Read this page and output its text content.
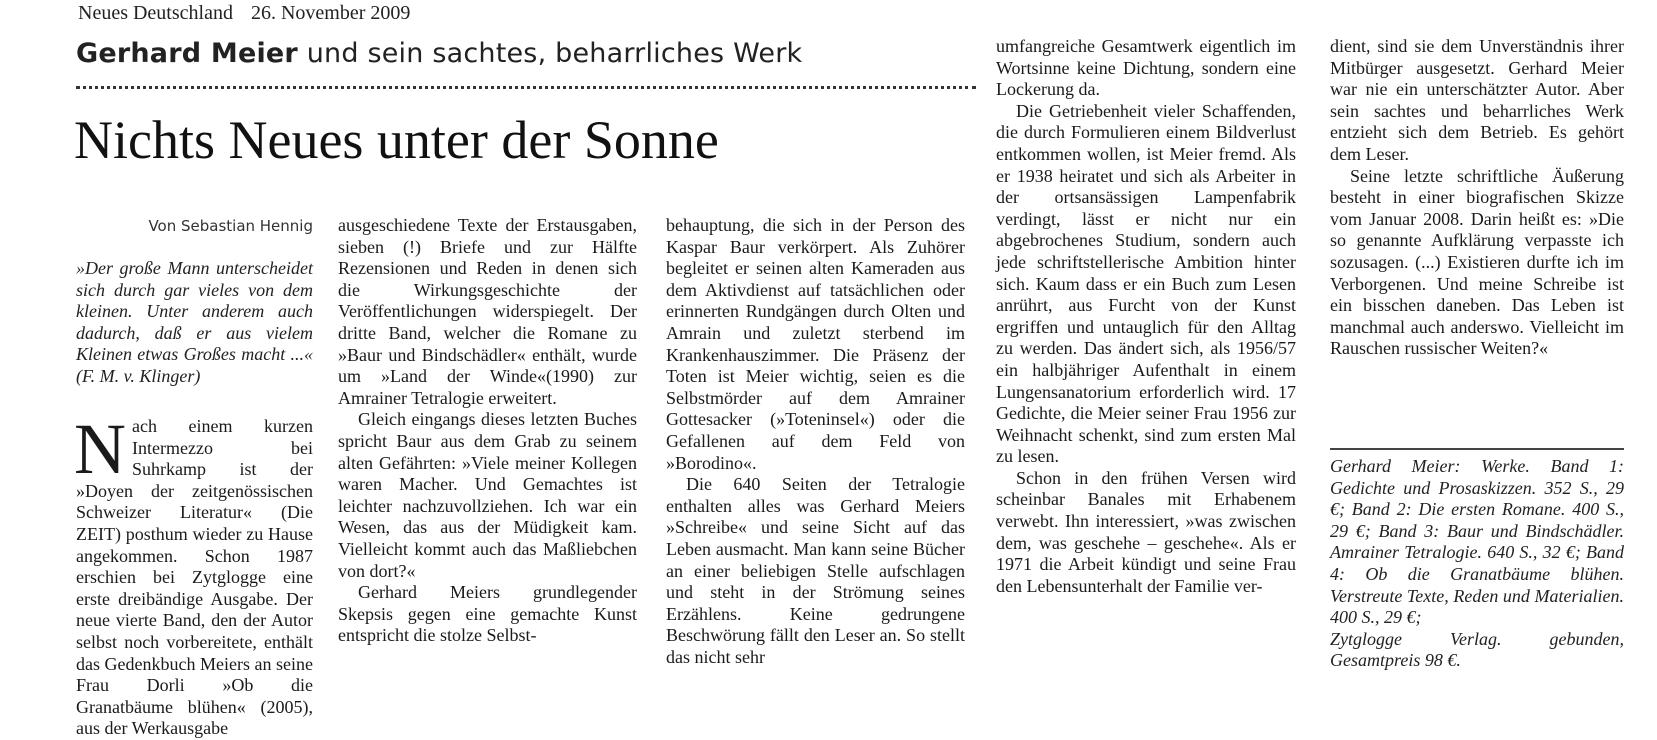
Neues Deutschland 26. November 2009
Gerhard Meier und sein sachtes, beharrliches Werk
Nichts Neues unter der Sonne
Von Sebastian Hennig
»Der große Mann unterscheidet sich durch gar vieles von dem kleinen. Unter anderem auch dadurch, daß er aus vielem Kleinen etwas Großes macht ...« (F. M. v. Klinger)

Nach einem kurzen Intermezzo bei Suhrkamp ist der »Doyen der zeitgenössischen Schweizer Literatur« (Die ZEIT) posthum wieder zu Hause angekommen. Schon 1987 erschien bei Zytglogge eine erste dreibändige Ausgabe. Der neue vierte Band, den der Autor selbst noch vorbereitete, enthält das Gedenkbuch Meiers an seine Frau Dorli »Ob die Granatbäume blühen« (2005), aus der Werkausgabe

ausgeschiedene Texte der Erstausgaben, sieben (!) Briefe und zur Hälfte Rezensionen und Reden in denen sich die Wirkungsgeschichte der Veröffentlichungen widerspiegelt. Der dritte Band, welcher die Romane zu »Baur und Bindschädler« enthält, wurde um »Land der Winde«(1990) zur Amrainer Tetralogie erweitert.

Gleich eingangs dieses letzten Buches spricht Baur aus dem Grab zu seinem alten Gefährten: »Viele meiner Kollegen waren Macher. Und Gemachtes ist leichter nachzuvollziehen. Ich war ein Wesen, das aus der Müdigkeit kam. Vielleicht kommt auch das Maßliebchen von dort?«

Gerhard Meiers grundlegender Skepsis gegen eine gemachte Kunst entspricht die stolze Selbst-

behauptung, die sich in der Person des Kaspar Baur verkörpert. Als Zuhörer begleitet er seinen alten Kameraden aus dem Aktivdienst auf tatsächlichen oder erinnerten Rundgängen durch Olten und Amrain und zuletzt sterbend im Krankenhauszimmer. Die Präsenz der Toten ist Meier wichtig, seien es die Selbstmörder auf dem Amrainer Gottesacker (»Toteninsel«) oder die Gefallenen auf dem Feld von »Borodino«.

Die 640 Seiten der Tetralogie enthalten alles was Gerhard Meiers »Schreibe« und seine Sicht auf das Leben ausmacht. Man kann seine Bücher an einer beliebigen Stelle aufschlagen und steht in der Strömung seines Erzählens. Keine gedrungene Beschwörung fällt den Leser an. So stellt das nicht sehr

umfangreiche Gesamtwerk eigentlich im Wortsinne keine Dichtung, sondern eine Lockerung da.

Die Getriebenheit vieler Schaffenden, die durch Formulieren einem Bildverlust entkommen wollen, ist Meier fremd. Als er 1938 heiratet und sich als Arbeiter in der ortsansässigen Lampenfabrik verdingt, lässt er nicht nur ein abgebrochenes Studium, sondern auch jede schriftstellerische Ambition hinter sich. Kaum dass er ein Buch zum Lesen anrührt, aus Furcht von der Kunst ergriffen und untauglich für den Alltag zu werden. Das ändert sich, als 1956/57 ein halbjähriger Aufenthalt in einem Lungensanatorium erforderlich wird. 17 Gedichte, die Meier seiner Frau 1956 zur Weihnacht schenkt, sind zum ersten Mal zu lesen.

Schon in den frühen Versen wird scheinbar Banales mit Erhabenem verwebt. Ihn interessiert, »was zwischen dem, was geschehe – geschehe«. Als er 1971 die Arbeit kündigt und seine Frau den Lebensunterhalt der Familie ver-

dient, sind sie dem Unverständnis ihrer Mitbürger ausgesetzt. Gerhard Meier war nie ein unterschätzter Autor. Aber sein sachtes und beharrliches Werk entzieht sich dem Betrieb. Es gehört dem Leser.

Seine letzte schriftliche Äußerung besteht in einer biografischen Skizze vom Januar 2008. Darin heißt es: »Die so genannte Aufklärung verpasste ich sozusagen. (...) Existieren durfte ich im Verborgenen. Und meine Schreibe ist ein bisschen daneben. Das Leben ist manchmal auch anderswo. Vielleicht im Rauschen russischer Weiten?«

Gerhard Meier: Werke. Band 1: Gedichte und Prosaskizzen. 352 S., 29 €; Band 2: Die ersten Romane. 400 S., 29 €; Band 3: Baur und Bindschädler. Amrainer Tetralogie. 640 S., 32 €; Band 4: Ob die Granatbäume blühen. Verstreute Texte, Reden und Materialien. 400 S., 29 €;

Zytglogge Verlag. gebunden, Gesamtpreis 98 €.
